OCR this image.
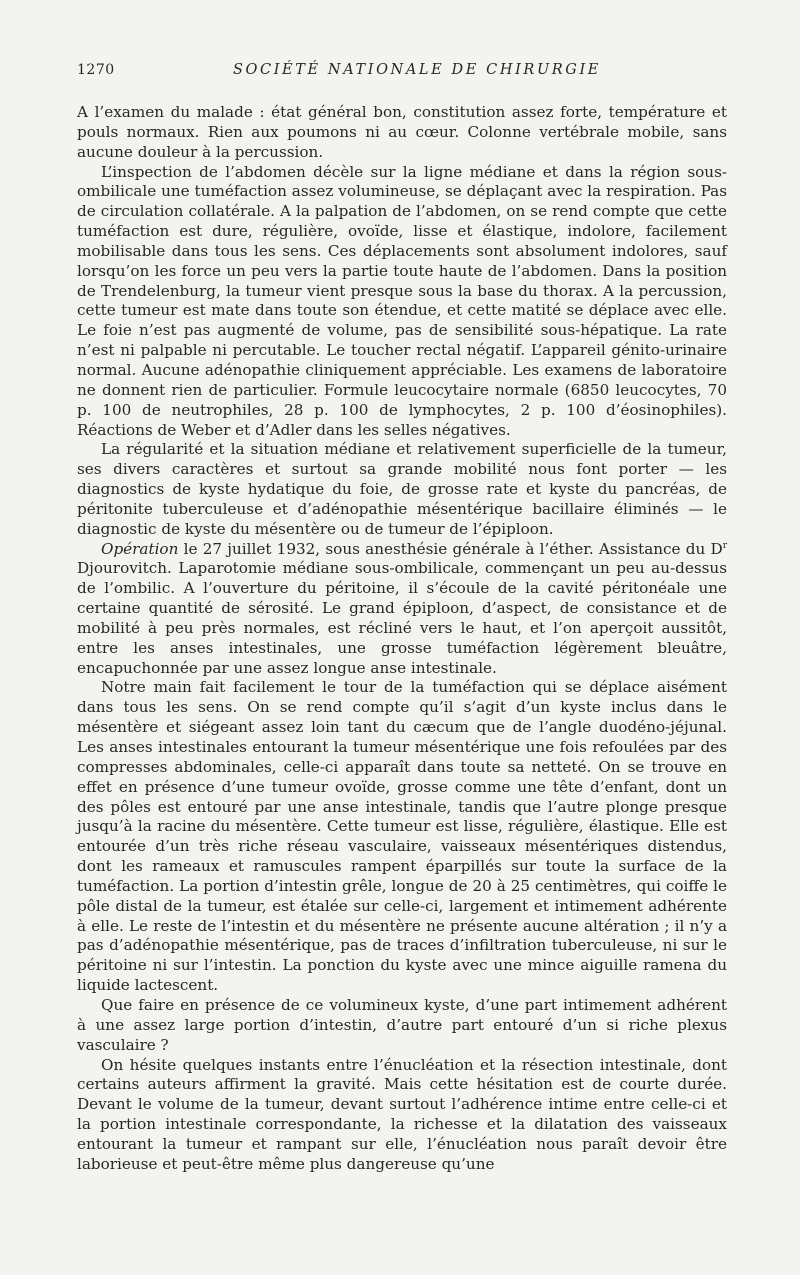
1270	SOCIÉTÉ NATIONALE DE CHIRURGIE

A l’examen du malade : état général bon, constitution assez forte, température et pouls normaux. Rien aux poumons ni au cœur. Colonne vertébrale mobile, sans aucune douleur à la percussion.

L’inspection de l’abdomen décèle sur la ligne médiane et dans la région sous-ombilicale une tuméfaction assez volumineuse, se déplaçant avec la respiration. Pas de circulation collatérale. A la palpation de l’abdomen, on se rend compte que cette tuméfaction est dure, régulière, ovoïde, lisse et élastique, indolore, facilement mobilisable dans tous les sens. Ces déplacements sont absolument indolores, sauf lorsqu’on les force un peu vers la partie toute haute de l’abdomen. Dans la position de Trendelenburg, la tumeur vient presque sous la base du thorax. A la percussion, cette tumeur est mate dans toute son étendue, et cette matité se déplace avec elle. Le foie n’est pas augmenté de volume, pas de sensibilité sous-hépatique. La rate n’est ni palpable ni percutable. Le toucher rectal négatif. L’appareil génito-urinaire normal. Aucune adénopathie cliniquement appréciable. Les examens de laboratoire ne donnent rien de particulier. Formule leucocytaire normale (6850 leucocytes, 70 p. 100 de neutrophiles, 28 p. 100 de lymphocytes, 2 p. 100 d’éosinophiles). Réactions de Weber et d’Adler dans les selles négatives.

La régularité et la situation médiane et relativement superficielle de la tumeur, ses divers caractères et surtout sa grande mobilité nous font porter — les diagnostics de kyste hydatique du foie, de grosse rate et kyste du pancréas, de péritonite tuberculeuse et d’adénopathie mésentérique bacillaire éliminés — le diagnostic de kyste du mésentère ou de tumeur de l’épiploon.

Opération le 27 juillet 1932, sous anesthésie générale à l’éther. Assistance du $D^r$ Djourovitch. Laparotomie médiane sous-ombilicale, commençant un peu au-dessus de l’ombilic. A l’ouverture du péritoine, il s’écoule de la cavité péritonéale une certaine quantité de sérosité. Le grand épiploon, d’aspect, de consistance et de mobilité à peu près normales, est récliné vers le haut, et l’on aperçoit aussitôt, entre les anses intestinales, une grosse tuméfaction légèrement bleuâtre, encapuchonnée par une assez longue anse intestinale.

Notre main fait facilement le tour de la tuméfaction qui se déplace aisément dans tous les sens. On se rend compte qu’il s’agit d’un kyste inclus dans le mésentère et siégeant assez loin tant du cæcum que de l’angle duodéno-jéjunal. Les anses intestinales entourant la tumeur mésentérique une fois refoulées par des compresses abdominales, celle-ci apparaît dans toute sa netteté. On se trouve en effet en présence d’une tumeur ovoïde, grosse comme une tête d’enfant, dont un des pôles est entouré par une anse intestinale, tandis que l’autre plonge presque jusqu’à la racine du mésentère. Cette tumeur est lisse, régulière, élastique. Elle est entourée d’un très riche réseau vasculaire, vaisseaux mésentériques distendus, dont les rameaux et ramuscules rampent éparpillés sur toute la surface de la tuméfaction. La portion d’intestin grêle, longue de 20 à 25 centimètres, qui coiffe le pôle distal de la tumeur, est étalée sur celle-ci, largement et intimement adhérente à elle. Le reste de l’intestin et du mésentère ne présente aucune altération ; il n’y a pas d’adénopathie mésentérique, pas de traces d’infiltration tuberculeuse, ni sur le péritoine ni sur l’intestin. La ponction du kyste avec une mince aiguille ramena du liquide lactescent.

Que faire en présence de ce volumineux kyste, d’une part intimement adhérent à une assez large portion d’intestin, d’autre part entouré d’un si riche plexus vasculaire ?

On hésite quelques instants entre l’énucléation et la résection intestinale, dont certains auteurs affirment la gravité. Mais cette hésitation est de courte durée. Devant le volume de la tumeur, devant surtout l’adhérence intime entre celle-ci et la portion intestinale correspondante, la richesse et la dilatation des vaisseaux entourant la tumeur et rampant sur elle, l’énucléation nous paraît devoir être laborieuse et peut-être même plus dangereuse qu’une
